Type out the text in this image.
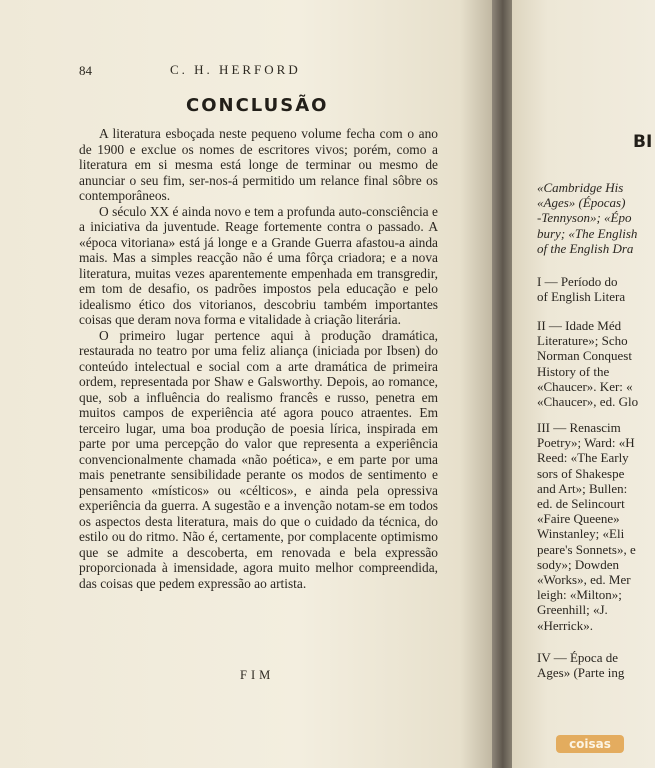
84	C. H. HERFORD
CONCLUSÃO

A literatura esboçada neste pequeno volume fecha com o ano de 1900 e exclue os nomes de escritores vivos; porém, como a literatura em si mesma está longe de terminar ou mesmo de anunciar o seu fim, ser-nos-á permitido um relance final sôbre os contemporâneos.

O século XX é ainda novo e tem a profunda auto-consciência e a iniciativa da juventude. Reage fortemente contra o passado. A «época vitoriana» está já longe e a Grande Guerra afastou-a ainda mais. Mas a simples reacção não é uma fôrça criadora; e a nova literatura, muitas vezes aparentemente empenhada em transgredir, em tom de desafio, os padrões impostos pela educação e pelo idealismo ético dos vitorianos, descobriu também importantes coisas que deram nova forma e vitalidade à criação literária.

O primeiro lugar pertence aqui à produção dramática, restaurada no teatro por uma feliz aliança (iniciada por Ibsen) do conteúdo intelectual e social com a arte dramática de primeira ordem, representada por Shaw e Galsworthy. Depois, ao romance, que, sob a influência do realismo francês e russo, penetra em muitos campos de experiência até agora pouco atraentes. Em terceiro lugar, uma boa produção de poesia lírica, inspirada em parte por uma percepção do valor que representa a experiência convencionalmente chamada «não poética», e em parte por uma mais penetrante sensibilidade perante os modos de sentimento e pensamento «místicos» ou «célticos», e ainda pela opressiva experiência da guerra. A sugestão e a invenção notam-se em todos os aspectos desta literatura, mais do que o cuidado da técnica, do estilo ou do ritmo. Não é, certamente, por complacente optimismo que se admite a descoberta, em renovada e bela expressão proporcionada à imensidade, agora muito melhor compreendida, das coisas que pedem expressão ao artista.

FIM
BI
«Cambridge His
«Ages» (Épocas)
-Tennyson»; «Épo
bury; «The English
of the English Dra
I — Período do
of English Litera
II — Idade Méd
Literature»; Scho
Norman Conquest
History of the
«Chaucer». Ker: «
«Chaucer», ed. Glo
III — Renascim
Poetry»; Ward: «H
Reed: «The Early
sors of Shakespe
and Art»; Bullen:
ed. de Selincourt
«Faire Queene»
Winstanley; «Eli
peare's Sonnets», e
sody»; Dowden
«Works», ed. Mer
leigh: «Milton»;
Greenhill; «J.
«Herrick».
IV — Época de
Ages» (Parte ing
coisas
